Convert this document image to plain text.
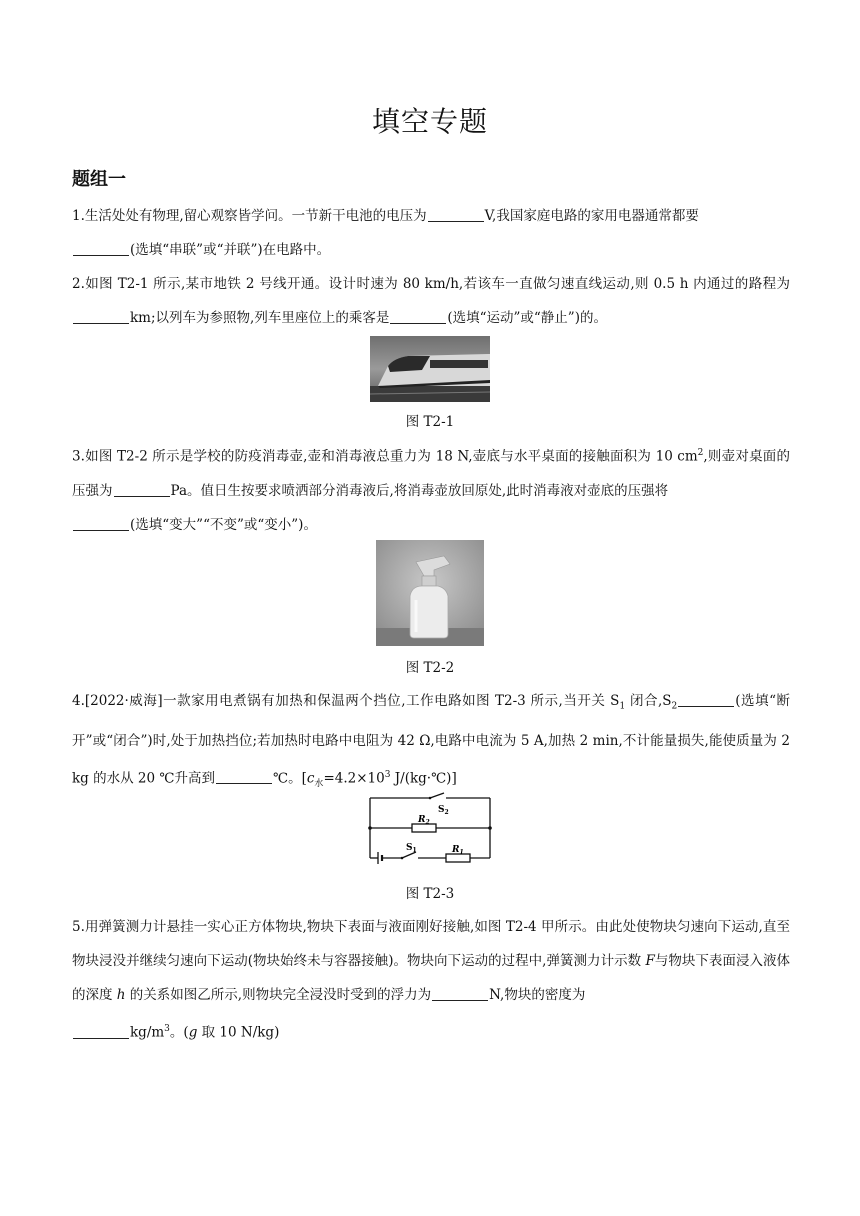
填空专题
题组一
1.生活处处有物理,留心观察皆学问。一节新干电池的电压为	V,我国家庭电路的家用电器通常都要
(选填“串联”或“并联”)在电路中。
2.如图 T2-1 所示,某市地铁 2 号线开通。设计时速为 80 km/h,若该车一直做匀速直线运动,则 0.5 h 内通过的路程为km;以列车为参照物,列车里座位上的乘客是	(选填“运动”或“静止”)的。
图 T2-1
3.如图 T2-2 所示是学校的防疫消毒壶,壶和消毒液总重力为 18 N,壶底与水平桌面的接触面积为 10 $cm^2$,则壶对桌面的压强为	Pa。值日生按要求喷洒部分消毒液后,将消毒壶放回原处,此时消毒液对壶底的压强将
(选填“变大”“不变”或“变小”)。
图 T2-2
4.[2022·威海]一款家用电煮锅有加热和保温两个挡位,工作电路如图 T2-3 所示,当开关 $S_1$ 闭合$,S_2$	(选填“断开”或“闭合”)时,处于加热挡位;若加热时电路中电阻为 42 Ω,电路中电流为 5 A,加热 2 min,不计能量损失,能使质量为 2 kg 的水从 20 ℃升高到	℃。[$c_水=4.2\times 10^3$ J/(kg·℃)]
$S_2$
$R_2$
$S_1$	$R_1$
图 T2-3
5.用弹簧测力计悬挂一实心正方体物块,物块下表面与液面刚好接触,如图 T2-4 甲所示。由此处使物块匀速向下运动,直至物块浸没并继续匀速向下运动(物块始终未与容器接触)。物块向下运动的过程中,弹簧测力计示数 F与物块下表面浸入液体的深度 h 的关系如图乙所示,则物块完全浸没时受到的浮力为	N,物块的密度为
$kg/m^3$。(g 取 10 N/kg)
